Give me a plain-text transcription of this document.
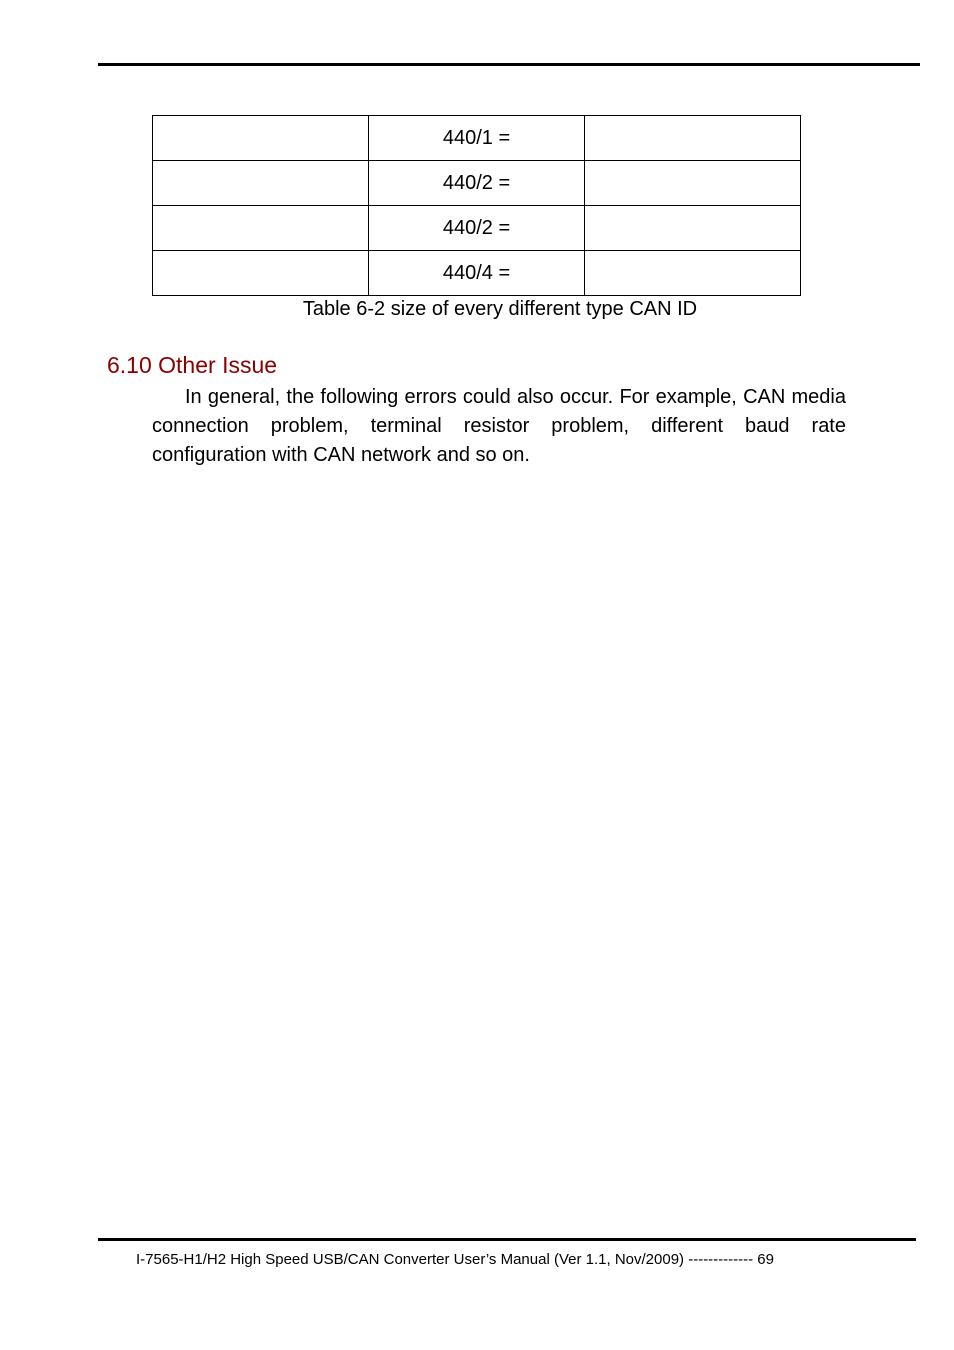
	440/1 =	
	440/2 =	
	440/2 =	
	440/4 =	
Table 6-2 size of every different type CAN ID
6.10 Other Issue

In general, the following errors could also occur. For example, CAN media connection problem, terminal resistor problem, different baud rate configuration with CAN network and so on.

I-7565-H1/H2 High Speed USB/CAN Converter User’s Manual (Ver 1.1, Nov/2009) ------------- 69
